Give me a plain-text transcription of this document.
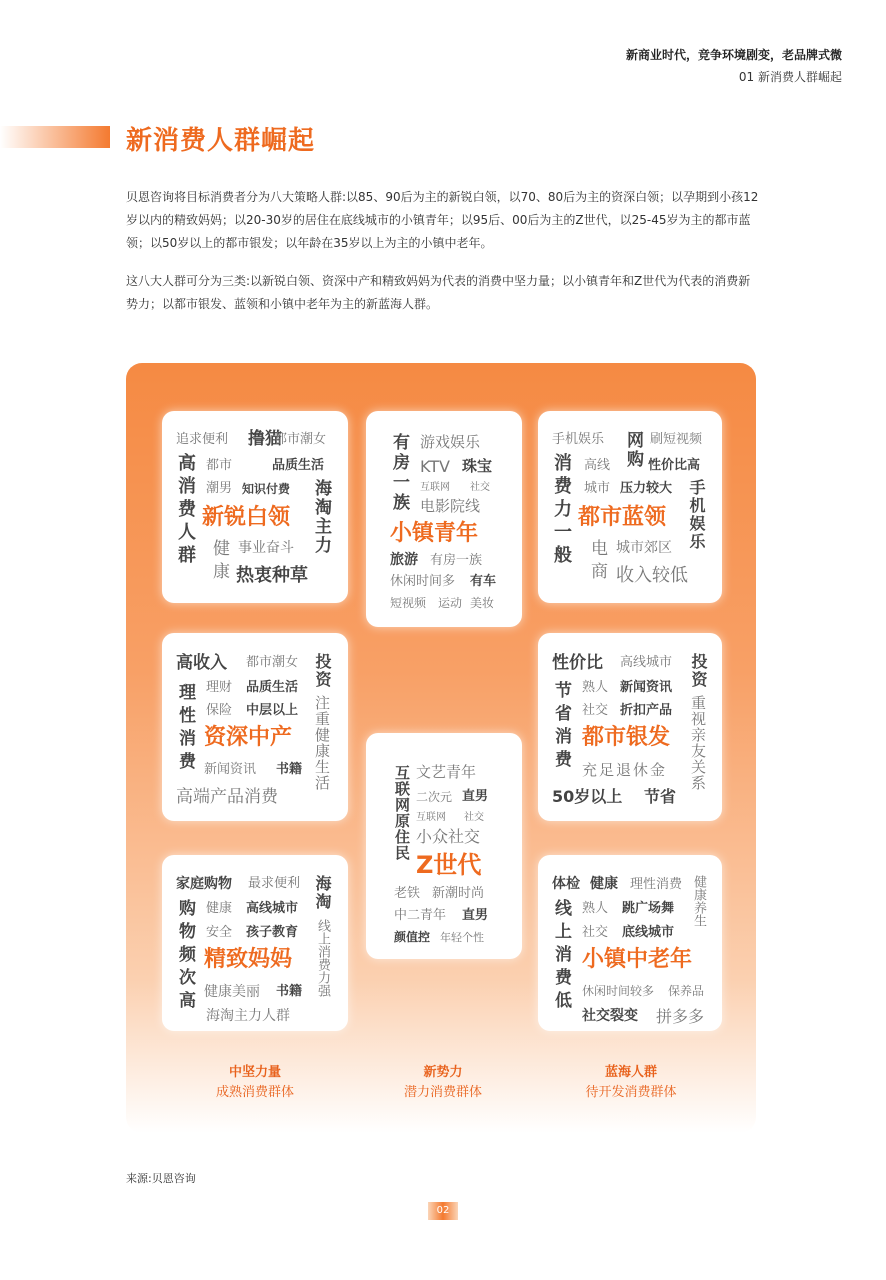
新商业时代，竞争环境剧变，老品牌式微
01 新消费人群崛起
新消费人群崛起

贝恩咨询将目标消费者分为八大策略人群:以85、90后为主的新锐白领，以70、80后为主的资深白领；以孕期到小孩12岁以内的精致妈妈；以20-30岁的居住在底线城市的小镇青年；以95后、00后为主的Z世代，以25-45岁为主的都市蓝领；以50岁以上的都市银发；以年龄在35岁以上为主的小镇中老年。

这八大人群可分为三类:以新锐白领、资深中产和精致妈妈为代表的消费中坚力量；以小镇青年和Z世代为代表的消费新势力；以都市银发、蓝领和小镇中老年为主的新蓝海人群。

追求便利 撸猫
都市潮女
高消费人群 都市	品质生活
潮男 知识付费 海淘主力
新锐白领
健康 事业奋斗
热衷种草
高收入
理性消费
都市潮女
理财 品质生活
保险 中层以上
投资
注重健康生活
资深中产
新闻资讯 书籍
高端产品消费
家庭购物 最求便利
购物频次高 健康 高线城市 海淘
安全 孩子教育 线上消费力强
精致妈妈
健康美丽 书籍
海淘主力人群
有房一族 游戏娱乐
KTV 珠宝
互联网 社交
电影院线
小镇青年
旅游 有房一族
休闲时间多 有车
短视频 运动 美妆
互联网原住民 文艺青年
二次元 直男
互联网 社交
小众社交
Z世代
老铁 新潮时尚
中二青年 直男
颜值控 年轻个性
手机娱乐 网购 刷短视频
消费力一般 高线	性价比高
城市 压力较大 手机娱乐
都市蓝领
电商 城市郊区
收入较低
性价比 高线城市 投资
节省消费 熟人 新闻资讯
社交 折扣产品 重视亲友关系
都市银发
充足退休金
50岁以上 节省
体检 健康 理性消费 健康养生
线上消费低 熟人 跳广场舞
社交 底线城市
小镇中老年
休闲时间较多 保养品
社交裂变 拼多多
中坚力量
成熟消费群体
新势力
潜力消费群体
蓝海人群
待开发消费群体
来源:贝恩咨询
02
